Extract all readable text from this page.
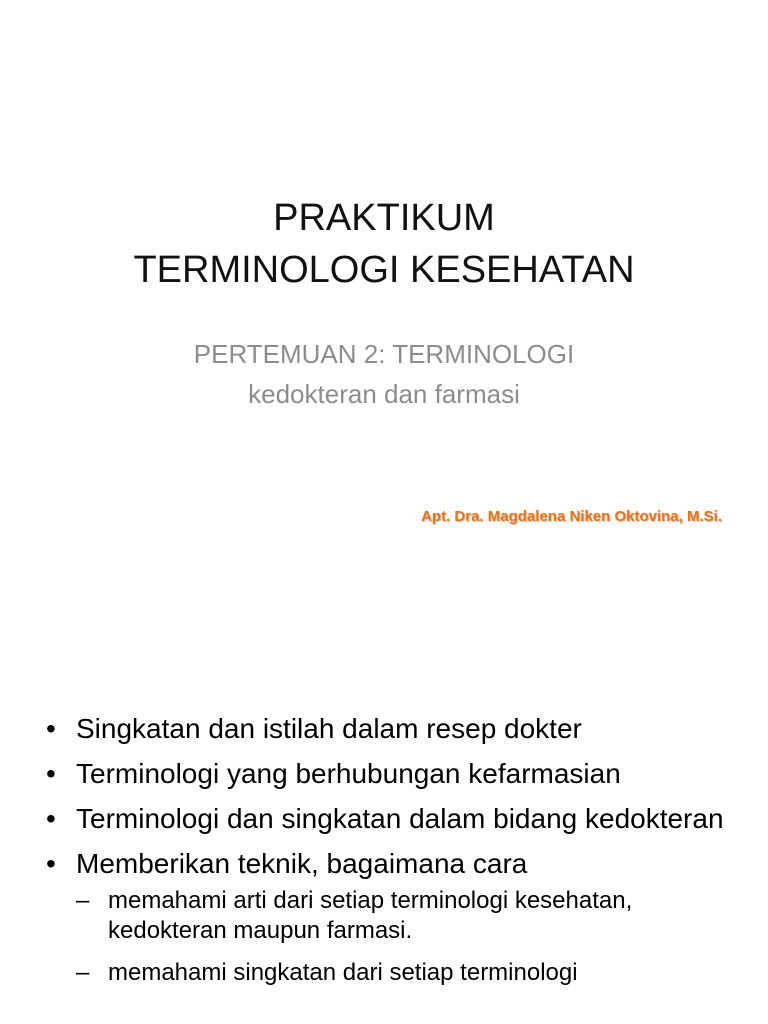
PRAKTIKUM
TERMINOLOGI KESEHATAN
PERTEMUAN 2: TERMINOLOGI
kedokteran dan farmasi
Apt. Dra. Magdalena Niken Oktovina, M.Si.
• Singkatan dan istilah dalam resep dokter
• Terminologi yang berhubungan kefarmasian
• Terminologi dan singkatan dalam bidang kedokteran
• Memberikan teknik, bagaimana cara
– memahami arti dari setiap terminologi kesehatan, kedokteran maupun farmasi.
– memahami singkatan dari setiap terminologi
